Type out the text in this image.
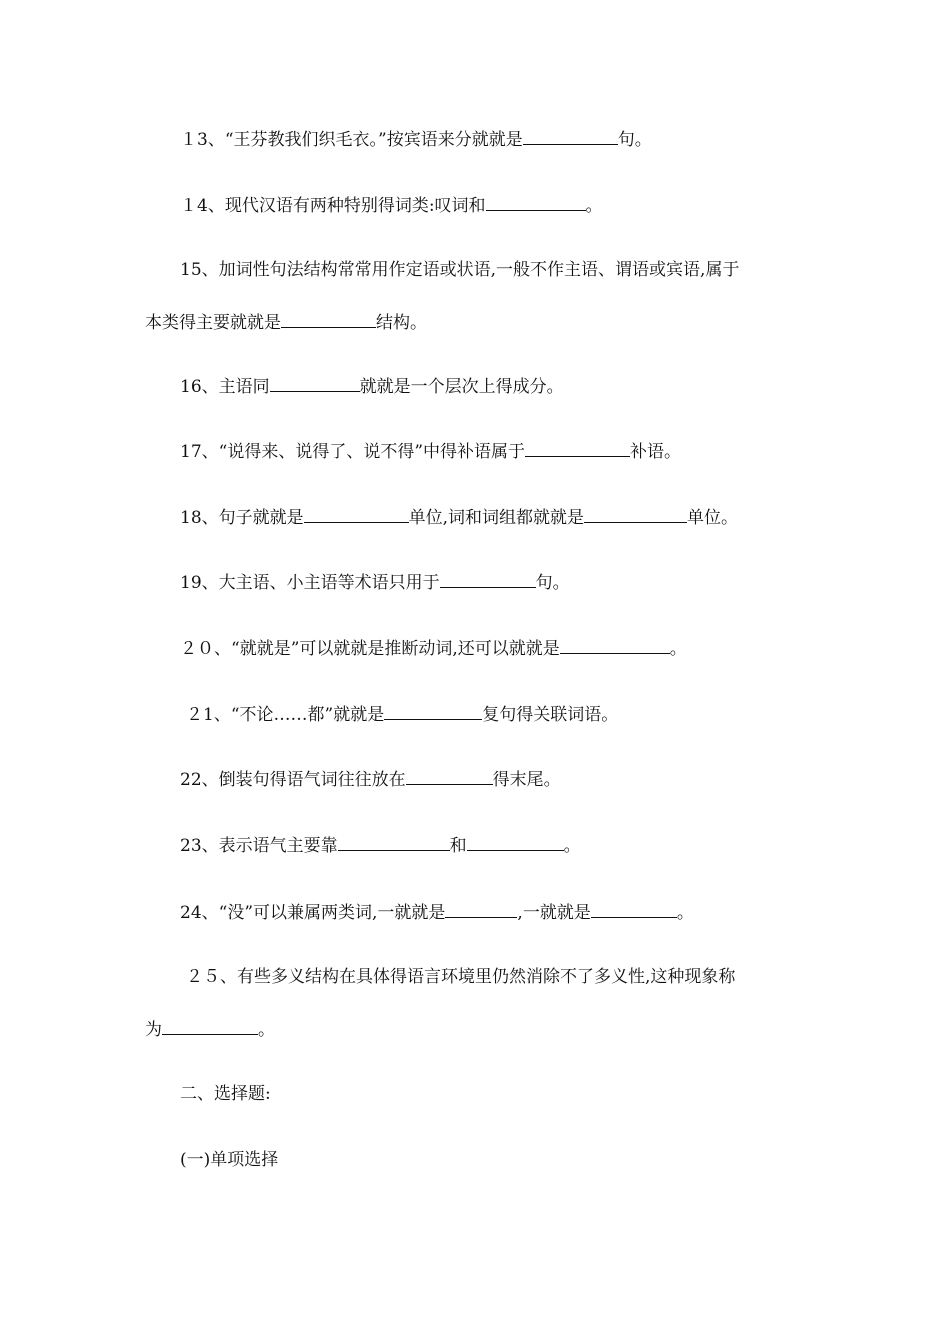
１3、“王芬教我们织毛衣。”按宾语来分就就是	句。
１4、现代汉语有两种特别得词类:叹词和	。
15、加词性句法结构常常用作定语或状语,一般不作主语、谓语或宾语,属于
本类得主要就就是	结构。
16、主语同	就就是一个层次上得成分。
17、“说得来、说得了、说不得”中得补语属于	补语。
18、句子就就是	单位,词和词组都就就是	单位。
19、大主语、小主语等术语只用于	句。
２０、“就就是”可以就就是推断动词,还可以就就是	。
２1、“不论……都”就就是	复句得关联词语。
22、倒装句得语气词往往放在	得末尾。
23、表示语气主要靠	和	。
24、“没”可以兼属两类词,一就就是	,一就就是	。
２５、有些多义结构在具体得语言环境里仍然消除不了多义性,这种现象称
为	。
二、选择题:
(一)单项选择
